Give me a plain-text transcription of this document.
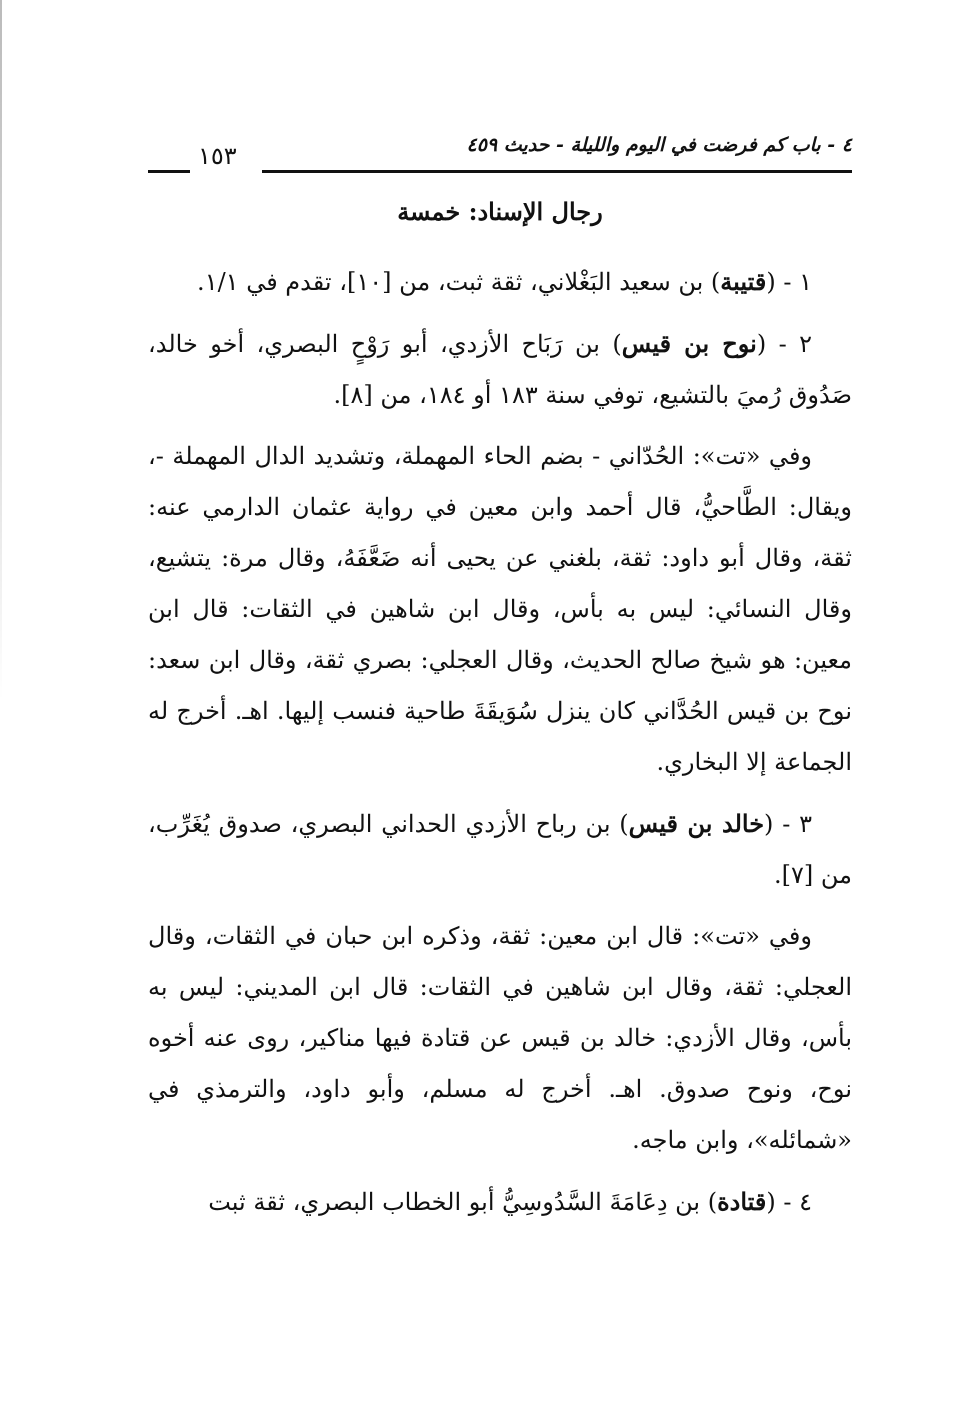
٤ - باب كم فرضت في اليوم والليلة - حديث ٤٥٩
١٥٣
رجال الإسناد: خمسة

١ - (قتيبة) بن سعيد البَغْلاني، ثقة ثبت، من [١٠]، تقدم في ١/١.

٢ - (نوح بن قيس) بن رَبَاح الأزدي، أبو رَوْحٍ البصري، أخو خالد، صَدُوق رُميَ بالتشيع، توفي سنة ١٨٣ أو ١٨٤، من [٨].

وفي «تت»: الحُدّاني - بضم الحاء المهملة، وتشديد الدال المهملة -، ويقال: الطَّاحيُّ، قال أحمد وابن معين في رواية عثمان الدارمي عنه: ثقة، وقال أبو داود: ثقة، بلغني عن يحيى أنه ضَعَّفَهُ، وقال مرة: يتشيع، وقال النسائي: ليس به بأس، وقال ابن شاهين في الثقات: قال ابن معين: هو شيخ صالح الحديث، وقال العجلي: بصري ثقة، وقال ابن سعد: نوح بن قيس الحُدَّاني كان ينزل سُوَيقَةَ طاحية فنسب إليها. اهـ. أخرج له الجماعة إلا البخاري.

٣ - (خالد بن قيس) بن رباح الأزدي الحداني البصري، صدوق يُغَرِّب، من [٧].

وفي «تت»: قال ابن معين: ثقة، وذكره ابن حبان في الثقات، وقال العجلي: ثقة، وقال ابن شاهين في الثقات: قال ابن المديني: ليس به بأس، وقال الأزدي: خالد بن قيس عن قتادة فيها مناكير، روى عنه أخوه نوح، ونوح صدوق. اهـ. أخرج له مسلم، وأبو داود، والترمذي في «شمائله»، وابن ماجه.

٤ - (قتادة) بن دِعَامَةَ السَّدُوسِيُّ أبو الخطاب البصري، ثقة ثبت
